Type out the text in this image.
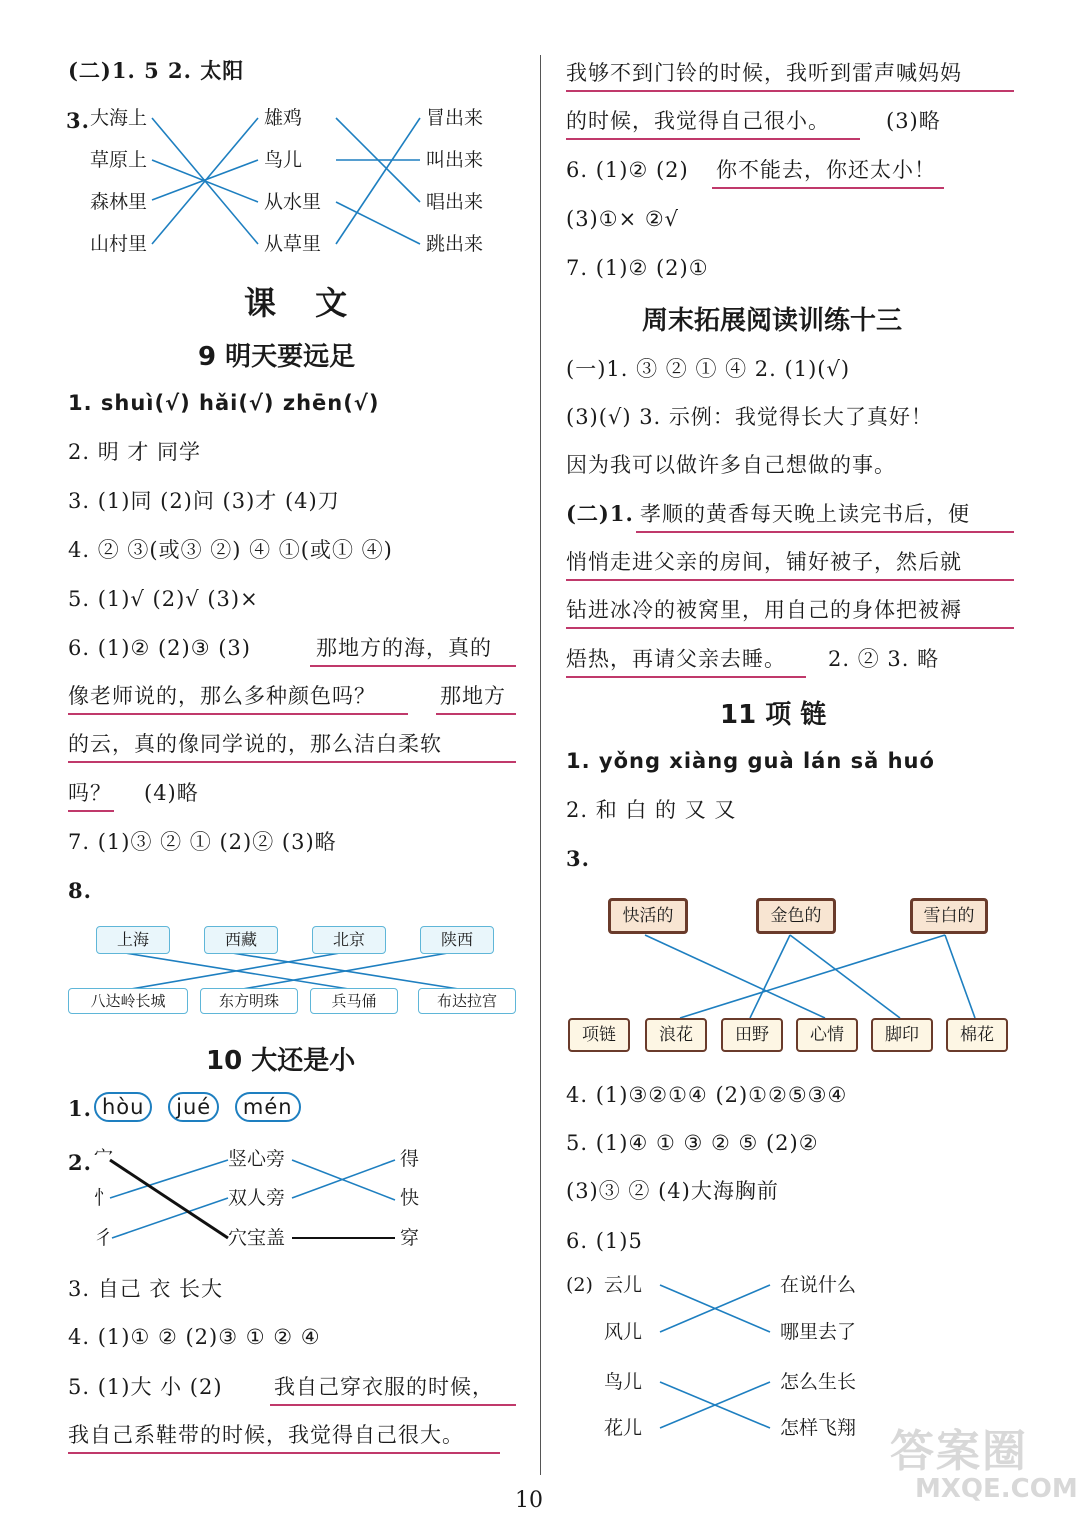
(二)1. 5 2. 太阳
3. 大海上
草原上
森林里
山村里
雄鸡
鸟儿
从水里
从草里
冒出来
叫出来
唱出来
跳出来
课 文
9 明天要远足
1. shuì(√) hǎi(√) zhēn(√)
2. 明 才 同学
3. (1)同 (2)问 (3)才 (4)刀
4. ② ③(或③ ②) ④ ①(或① ④)
5. (1)√ (2)√ (3)×
6. (1)② (2)③ (3)	那地方的海，真的
像老师说的，那么多种颜色吗？	那地方
的云，真的像同学说的，那么洁白柔软
吗？ (4)略
7. (1)③ ② ① (2)② (3)略
8.
上海	西藏	北京	陕西
八达岭长城	东方明珠	兵马俑	布达拉宫
10 大还是小
1. hòu jué mén
2. 宀
忄
彳
竖心旁
双人旁
穴宝盖
得
快
穿
3. 自己 衣 长大
4. (1)① ② (2)③ ① ② ④
5. (1)大 小 (2) 我自己穿衣服的时候，
我自己系鞋带的时候，我觉得自己很大。
我够不到门铃的时候，我听到雷声喊妈妈
的时候，我觉得自己很小。	(3)略
6. (1)② (2) 你不能去，你还太小！
(3)①× ②√
7. (1)② (2)①
周末拓展阅读训练十三
(一)1. ③ ② ① ④ 2. (1)(√)
(3)(√) 3. 示例：我觉得长大了真好！
因为我可以做许多自己想做的事。
(二)1. 孝顺的黄香每天晚上读完书后，便
悄悄走进父亲的房间，铺好被子，然后就
钻进冰冷的被窝里，用自己的身体把被褥
焐热，再请父亲去睡。 2. ② 3. 略
11 项 链
1. yǒng xiàng guà lán sǎ huó
2. 和 白 的 又 又
3.
快活的	金色的	雪白的
项链	浪花	田野	心情	脚印	棉花
4. (1)③②①④ (2)①②⑤③④
5. (1)④ ① ③ ② ⑤ (2)②
(3)③ ② (4)大海胸前
6. (1)5
(2) 云儿
风儿
鸟儿
花儿
在说什么
哪里去了
怎么生长
怎样飞翔
10
答案圈
MXQE.COM
